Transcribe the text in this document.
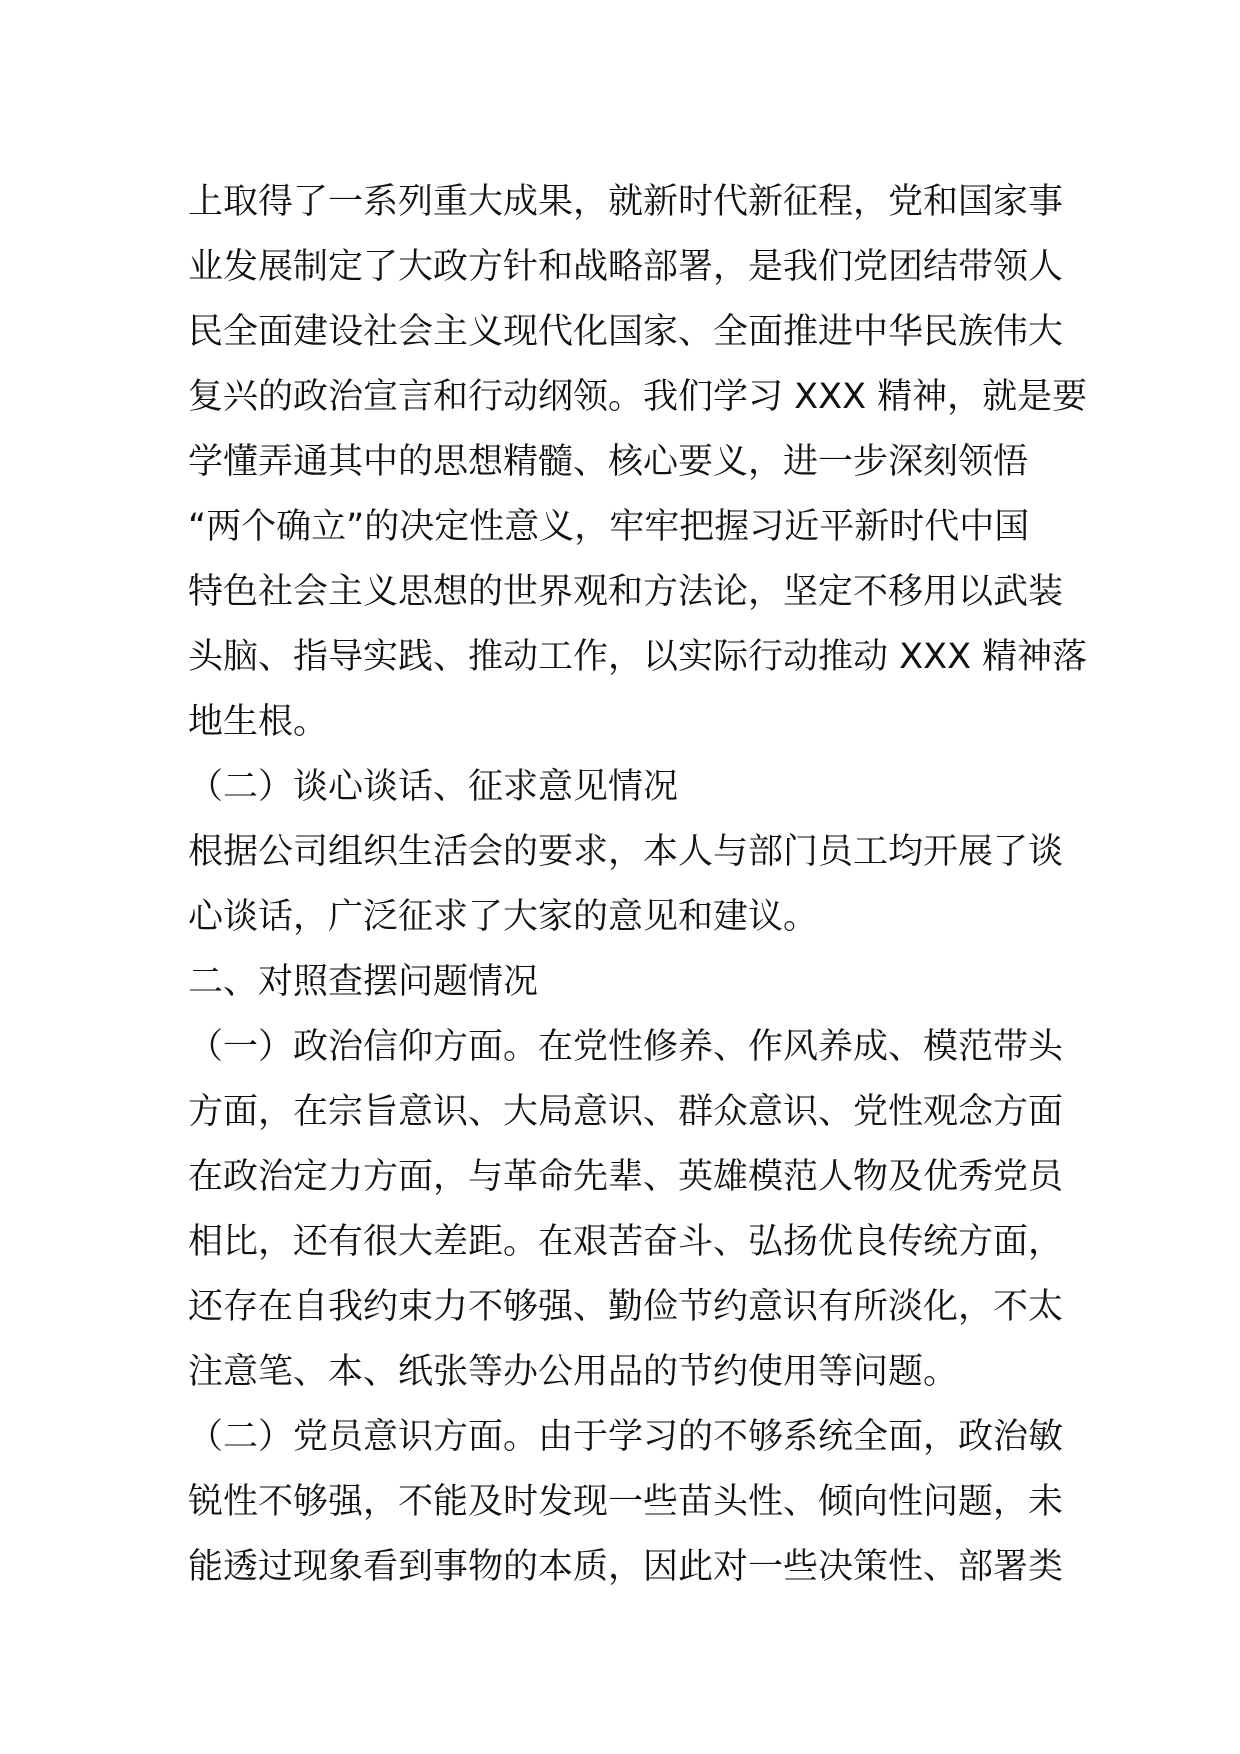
上取得了一系列重大成果，就新时代新征程，党和国家事
业发展制定了大政方针和战略部署，是我们党团结带领人
民全面建设社会主义现代化国家、全面推进中华民族伟大
复兴的政治宣言和行动纲领。我们学习 XXX 精神，就是要
学懂弄通其中的思想精髓、核心要义，进一步深刻领悟
“两个确立”的决定性意义，牢牢把握习近平新时代中国
特色社会主义思想的世界观和方法论，坚定不移用以武装
头脑、指导实践、推动工作，以实际行动推动 XXX 精神落
地生根。
（二）谈心谈话、征求意见情况
根据公司组织生活会的要求，本人与部门员工均开展了谈
心谈话，广泛征求了大家的意见和建议。
二、对照查摆问题情况
（一）政治信仰方面。在党性修养、作风养成、模范带头
方面，在宗旨意识、大局意识、群众意识、党性观念方面
在政治定力方面，与革命先辈、英雄模范人物及优秀党员
相比，还有很大差距。在艰苦奋斗、弘扬优良传统方面，
还存在自我约束力不够强、勤俭节约意识有所淡化，不太
注意笔、本、纸张等办公用品的节约使用等问题。
（二）党员意识方面。由于学习的不够系统全面，政治敏
锐性不够强，不能及时发现一些苗头性、倾向性问题，未
能透过现象看到事物的本质，因此对一些决策性、部署类
